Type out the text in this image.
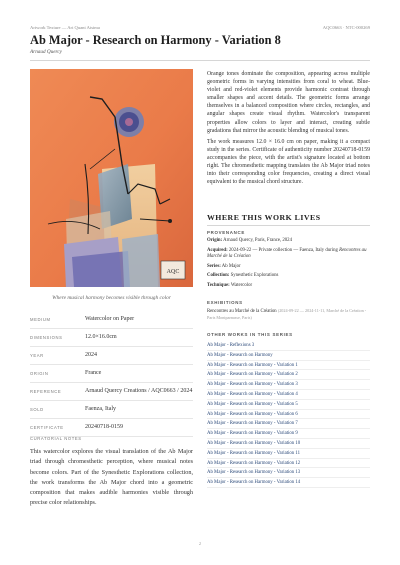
Artwork Texture — Art Quant Atsima	AQC0663 · NTC-000269
Ab Major - Research on Harmony - Variation 8
Arnaud Quercy
AQC
Where musical harmony becomes visible through color
MEDIUM	Watercolor on Paper
DIMENSIONS	12.0×16.0cm
YEAR	2024
ORIGIN	France
REFERENCE	Arnaud Quercy Creations / AQC0663 / 2024
SOLD	Faenza, Italy
CERTIFICATE	20240718-0159
CURATORIAL NOTES

This watercolor explores the visual translation of the Ab Major triad through chromesthetic perception, where musical notes become colors. Part of the Synesthetic Explorations collection, the work transforms the Ab Major chord into a geometric composition that makes audible harmonies visible through precise color relationships.

Orange tones dominate the composition, appearing across multiple geometric forms in varying intensities from coral to wheat. Blue-violet and red-violet elements provide harmonic contrast through smaller shapes and accent details. The geometric forms arrange themselves in a balanced composition where circles, rectangles, and angular shapes create visual rhythm. Watercolor's transparent properties allow colors to layer and interact, creating subtle gradations that mirror the acoustic blending of musical tones.

The work measures 12.0 × 16.0 cm on paper, making it a compact study in the series. Certificate of authenticity number 20240718-0159 accompanies the piece, with the artist's signature located at bottom right. The chromesthetic mapping translates the Ab Major triad notes into their corresponding color frequencies, creating a direct visual equivalent to the musical chord structure.

WHERE THIS WORK LIVES
PROVENANCE
Origin: Arnaud Quercy, Paris, France, 2024
Acquired: 2024-09-22 — Private collection — Faenza, Italy during Rencontres au Marché de la Création
Series: Ab Major
Collection: Synesthetic Explorations
Technique: Watercolor
EXHIBITIONS
Rencontres au Marché de la Création (2024-09-22 — 2024-11-11, Marché de la Création - Paris Montparnasse, Paris)
OTHER WORKS IN THIS SERIES
Ab Major - Reflexions 3
Ab Major - Research on Harmony
Ab Major - Research on Harmony - Variation 1
Ab Major - Research on Harmony - Variation 2
Ab Major - Research on Harmony - Variation 3
Ab Major - Research on Harmony - Variation 4
Ab Major - Research on Harmony - Variation 5
Ab Major - Research on Harmony - Variation 6
Ab Major - Research on Harmony - Variation 7
Ab Major - Research on Harmony - Variation 9
Ab Major - Research on Harmony - Variation 10
Ab Major - Research on Harmony - Variation 11
Ab Major - Research on Harmony - Variation 12
Ab Major - Research on Harmony - Variation 13
Ab Major - Research on Harmony - Variation 14
2
